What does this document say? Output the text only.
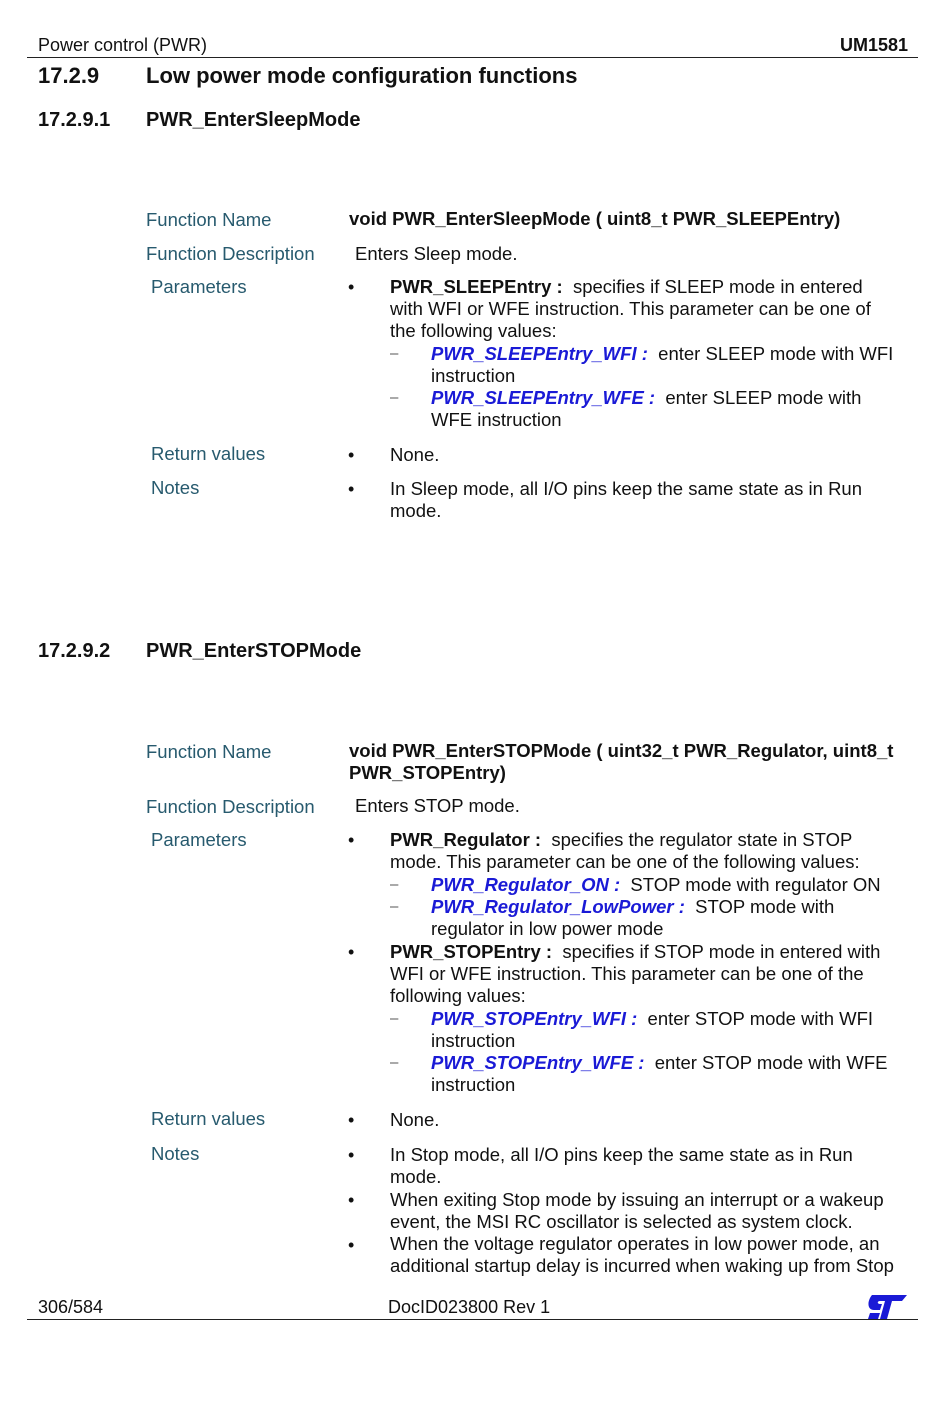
Power control (PWR)	UM1581
17.2.9 Low power mode configuration functions
17.2.9.1 PWR_EnterSleepMode
Function Name	void PWR_EnterSleepMode ( uint8_t PWR_SLEEPEntry)
Function Description Enters Sleep mode.
Parameters	• PWR_SLEEPEntry : specifies if SLEEP mode in entered
with WFI or WFE instruction. This parameter can be one of
the following values:
– PWR_SLEEPEntry_WFI : enter SLEEP mode with WFI
instruction
– PWR_SLEEPEntry_WFE : enter SLEEP mode with
WFE instruction
Return values	• None.
Notes	• In Sleep mode, all I/O pins keep the same state as in Run
mode.
17.2.9.2 PWR_EnterSTOPMode
Function Name	void PWR_EnterSTOPMode ( uint32_t PWR_Regulator, uint8_t
PWR_STOPEntry)
Function Description Enters STOP mode.
Parameters	• PWR_Regulator : specifies the regulator state in STOP
mode. This parameter can be one of the following values:
– PWR_Regulator_ON : STOP mode with regulator ON
– PWR_Regulator_LowPower : STOP mode with
regulator in low power mode
• PWR_STOPEntry : specifies if STOP mode in entered with
WFI or WFE instruction. This parameter can be one of the
following values:
– PWR_STOPEntry_WFI : enter STOP mode with WFI
instruction
– PWR_STOPEntry_WFE : enter STOP mode with WFE
instruction
Return values	• None.
Notes	• In Stop mode, all I/O pins keep the same state as in Run
mode.
• When exiting Stop mode by issuing an interrupt or a wakeup
event, the MSI RC oscillator is selected as system clock.
• When the voltage regulator operates in low power mode, an
additional startup delay is incurred when waking up from Stop
306/584	DocID023800 Rev 1
